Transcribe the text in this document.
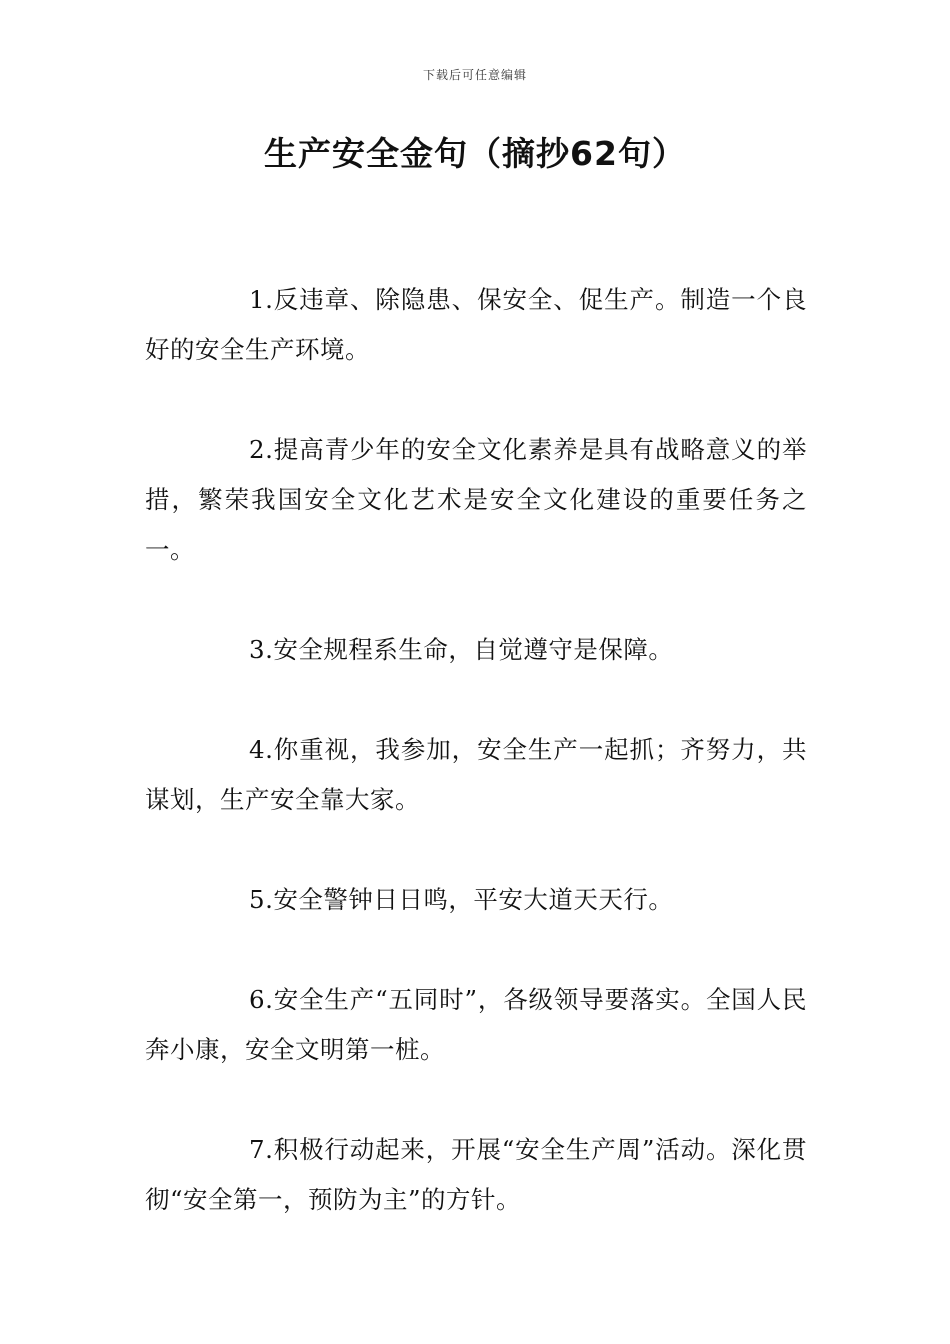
下载后可任意编辑
生产安全金句（摘抄62句）

1.反违章、除隐患、保安全、促生产。制造一个良好的安全生产环境。

2.提高青少年的安全文化素养是具有战略意义的举措，繁荣我国安全文化艺术是安全文化建设的重要任务之一。

3.安全规程系生命，自觉遵守是保障。

4.你重视，我参加，安全生产一起抓；齐努力，共谋划，生产安全靠大家。

5.安全警钟日日鸣，平安大道天天行。

6.安全生产“五同时”，各级领导要落实。全国人民奔小康，安全文明第一桩。

7.积极行动起来，开展“安全生产周”活动。深化贯彻“安全第一，预防为主”的方针。
